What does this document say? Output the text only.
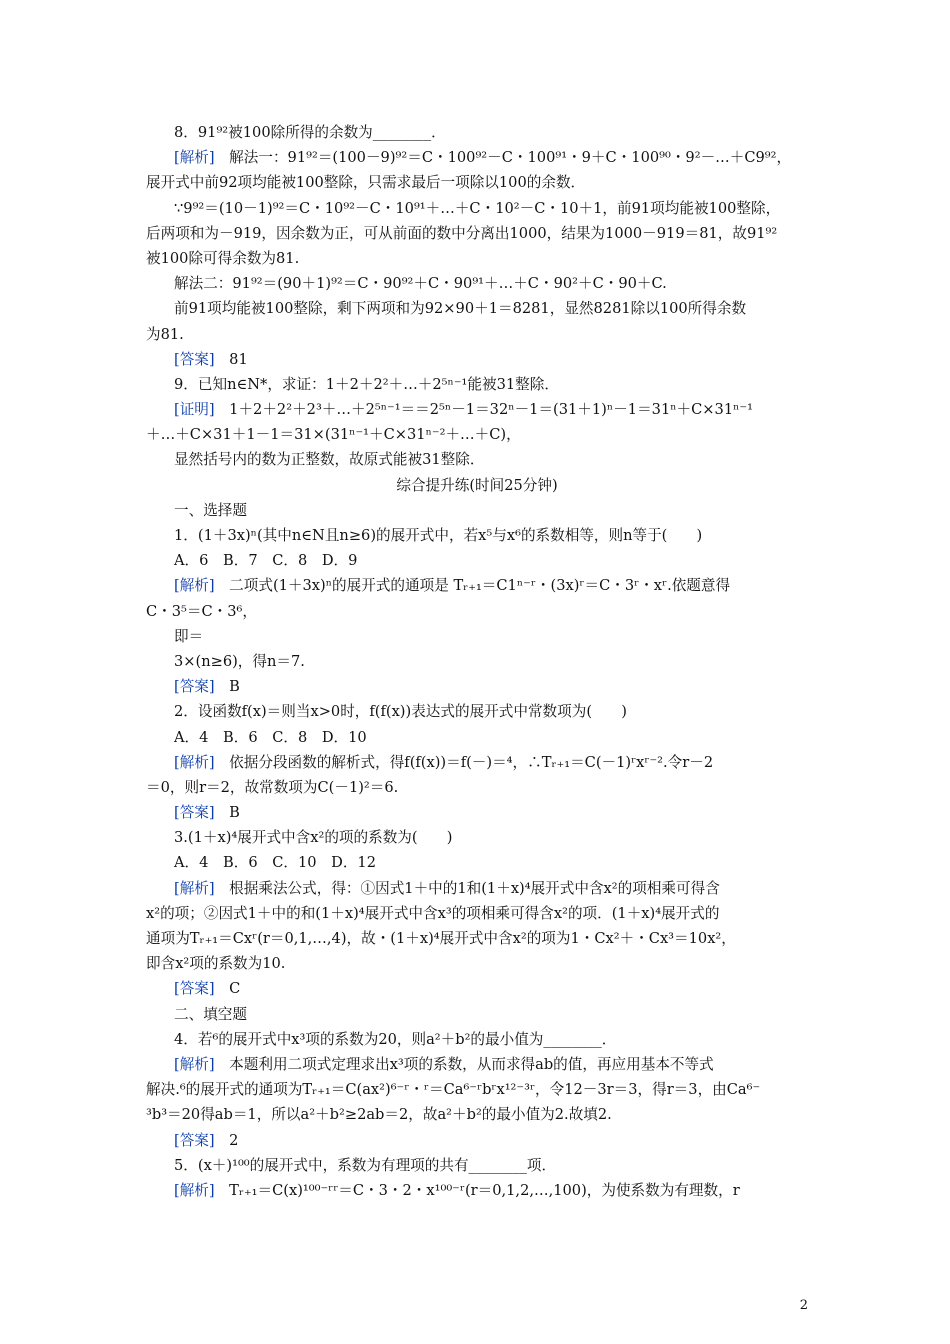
8．91⁹²被100除所得的余数为________．
[解析]　解法一：91⁹²＝(100－9)⁹²＝C・100⁹²－C・100⁹¹・9＋C・100⁹⁰・9²－…＋C9⁹²，
展开式中前92项均能被100整除，只需求最后一项除以100的余数．
∵9⁹²＝(10－1)⁹²＝C・10⁹²－C・10⁹¹＋…＋C・10²－C・10＋1，前91项均能被100整除，
后两项和为－919，因余数为正，可从前面的数中分离出1000，结果为1000－919＝81，故91⁹²
被100除可得余数为81.
解法二：91⁹²＝(90＋1)⁹²＝C・90⁹²＋C・90⁹¹＋…＋C・90²＋C・90＋C.
前91项均能被100整除，剩下两项和为92×90＋1＝8281，显然8281除以100所得余数
为81.
[答案]　81
9．已知n∈N*，求证：1＋2＋2²＋…＋2⁵ⁿ⁻¹能被31整除．
[证明]　1＋2＋2²＋2³＋…＋2⁵ⁿ⁻¹＝＝2⁵ⁿ－1＝32ⁿ－1＝(31＋1)ⁿ－1＝31ⁿ＋C×31ⁿ⁻¹
＋…＋C×31＋1－1＝31×(31ⁿ⁻¹＋C×31ⁿ⁻²＋…＋C)，
显然括号内的数为正整数，故原式能被31整除．
综合提升练(时间25分钟)
一、选择题
1．(1＋3x)ⁿ(其中n∈N且n≥6)的展开式中，若x⁵与x⁶的系数相等，则n等于(　　)
A．6　B．7　C．8　D．9
[解析]　二项式(1＋3x)ⁿ的展开式的通项是 Tᵣ₊₁＝C1ⁿ⁻ʳ・(3x)ʳ＝C・3ʳ・xʳ.依题意得
C・3⁵＝C・3⁶，
即＝
3×(n≥6)，得n＝7.
[答案]　B
2．设函数f(x)＝则当x>0时，f(f(x))表达式的展开式中常数项为(　　)
A．4　B．6　C．8　D．10
[解析]　依据分段函数的解析式，得f(f(x))＝f(－)＝⁴，∴Tᵣ₊₁＝C(－1)ʳxʳ⁻².令r－2
＝0，则r＝2，故常数项为C(－1)²＝6.
[答案]　B
3.(1＋x)⁴展开式中含x²的项的系数为(　　)
A．4　B．6　C．10　D．12
[解析]　根据乘法公式，得：①因式1＋中的1和(1＋x)⁴展开式中含x²的项相乘可得含
x²的项；②因式1＋中的和(1＋x)⁴展开式中含x³的项相乘可得含x²的项．(1＋x)⁴展开式的
通项为Tᵣ₊₁＝Cxʳ(r＝0,1,…,4)，故・(1＋x)⁴展开式中含x²的项为1・Cx²＋・Cx³＝10x²，
即含x²项的系数为10.
[答案]　C
二、填空题
4．若⁶的展开式中x³项的系数为20，则a²＋b²的最小值为________．
[解析]　本题利用二项式定理求出x³项的系数，从而求得ab的值，再应用基本不等式
解决.⁶的展开式的通项为Tᵣ₊₁＝C(ax²)⁶⁻ʳ・ʳ＝Ca⁶⁻ʳbʳx¹²⁻³ʳ，令12－3r＝3，得r＝3，由Ca⁶⁻
³b³＝20得ab＝1，所以a²＋b²≥2ab＝2，故a²＋b²的最小值为2.故填2.
[答案]　2
5．(x＋)¹⁰⁰的展开式中，系数为有理项的共有________项．
[解析]　Tᵣ₊₁＝C(x)¹⁰⁰⁻ʳʳ＝C・3・2・x¹⁰⁰⁻ʳ(r＝0,1,2,…,100)，为使系数为有理数，r
2
